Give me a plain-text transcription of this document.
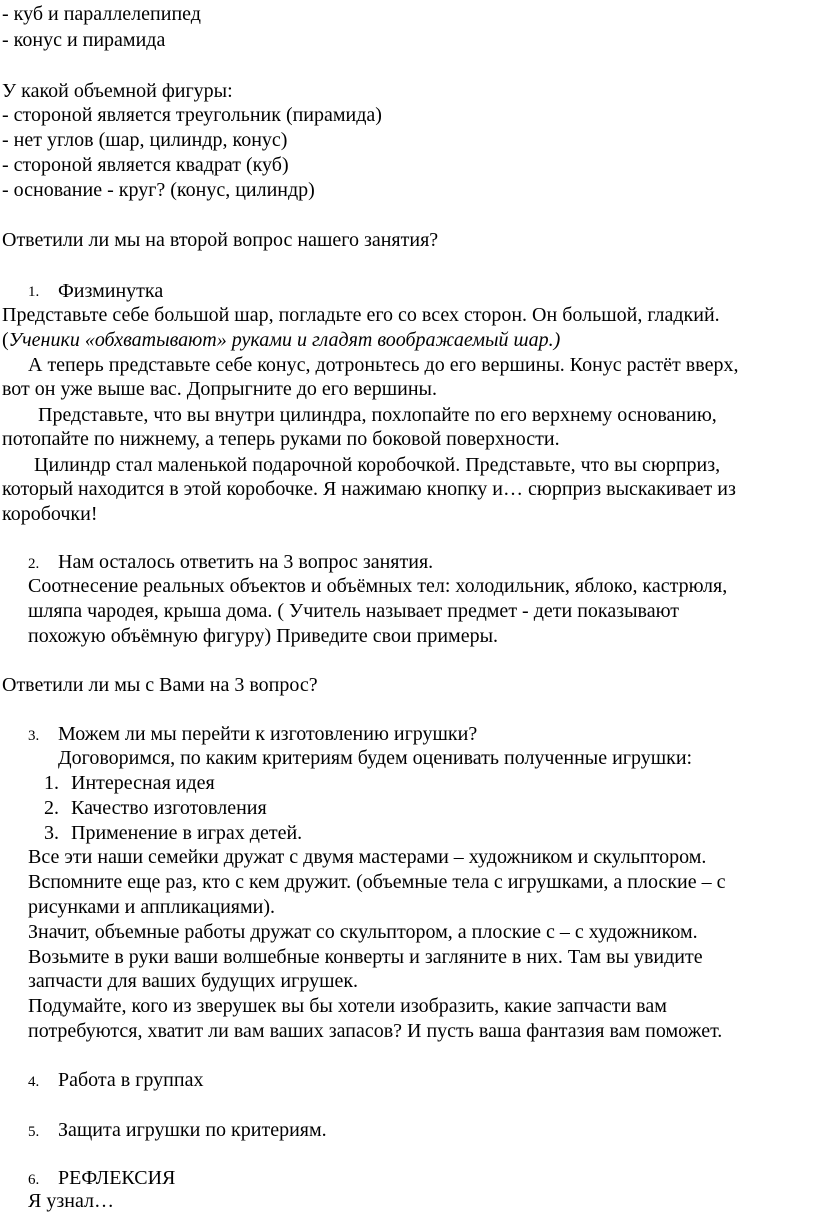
- куб и параллелепипед
- конус и пирамида
У какой объемной фигуры:
- стороной является треугольник (пирамида)
- нет углов (шар, цилиндр, конус)
- стороной является квадрат (куб)
- основание - круг? (конус, цилиндр)
Ответили ли мы на второй вопрос нашего занятия?
1. Физминутка
Представьте себе большой шар, погладьте его со всех сторон. Он большой, гладкий.
(Ученики «обхватывают» руками и гладят воображаемый шар.)
А теперь представьте себе конус, дотроньтесь до его вершины. Конус растёт вверх,
вот он уже выше вас. Допрыгните до его вершины.
Представьте, что вы внутри цилиндра, похлопайте по его верхнему основанию,
потопайте по нижнему, а теперь руками по боковой поверхности.
Цилиндр стал маленькой подарочной коробочкой. Представьте, что вы сюрприз,
который находится в этой коробочке. Я нажимаю кнопку и… сюрприз выскакивает из
коробочки!
2. Нам осталось ответить на 3 вопрос занятия.
Соотнесение реальных объектов и объёмных тел: холодильник, яблоко, кастрюля,
шляпа чародея, крыша дома. ( Учитель называет предмет - дети показывают
похожую объёмную фигуру) Приведите свои примеры.
Ответили ли мы с Вами на 3 вопрос?
3. Можем ли мы перейти к изготовлению игрушки?
Договоримся, по каким критериям будем оценивать полученные игрушки:
1. Интересная идея
2. Качество изготовления
3. Применение в играх детей.
Все эти наши семейки дружат с двумя мастерами – художником и скульптором.
Вспомните еще раз, кто с кем дружит. (объемные тела с игрушками, а плоские – с
рисунками и аппликациями).
Значит, объемные работы дружат со скульптором, а плоские с – с художником.
Возьмите в руки ваши волшебные конверты и загляните в них. Там вы увидите
запчасти для ваших будущих игрушек.
Подумайте, кого из зверушек вы бы хотели изобразить, какие запчасти вам
потребуются, хватит ли вам ваших запасов? И пусть ваша фантазия вам поможет.
4. Работа в группах
5. Защита игрушки по критериям.
6. РЕФЛЕКСИЯ
Я узнал…
